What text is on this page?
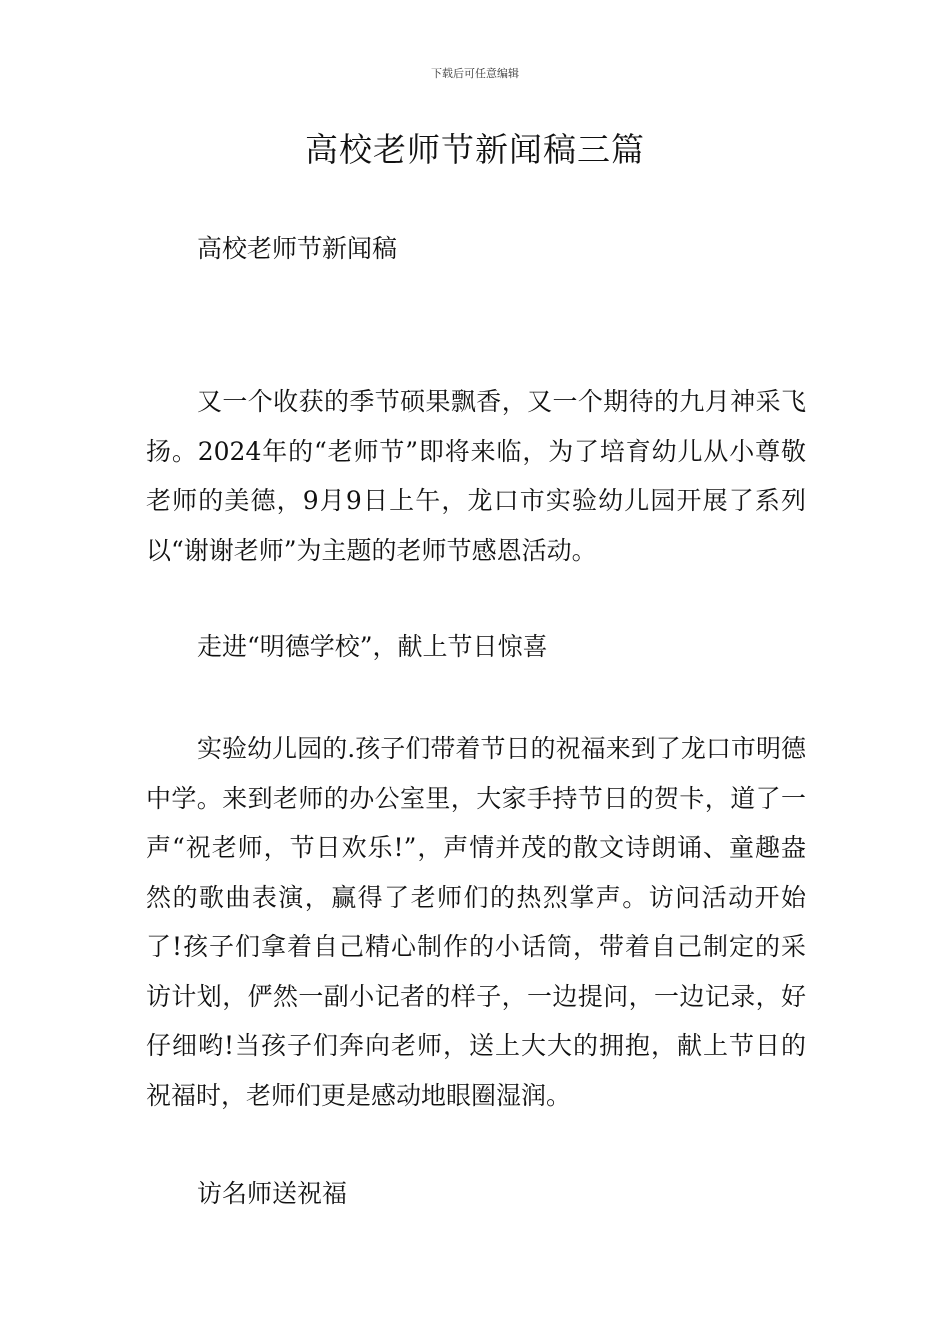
下载后可任意编辑
高校老师节新闻稿三篇
高校老师节新闻稿

又一个收获的季节硕果飘香，又一个期待的九月神采飞扬。2024年的“老师节”即将来临，为了培育幼儿从小尊敬老师的美德，9月9日上午，龙口市实验幼儿园开展了系列以“谢谢老师”为主题的老师节感恩活动。

走进“明德学校”，献上节日惊喜

实验幼儿园的.孩子们带着节日的祝福来到了龙口市明德中学。来到老师的办公室里，大家手持节日的贺卡，道了一声“祝老师，节日欢乐!”，声情并茂的散文诗朗诵、童趣盎然的歌曲表演，赢得了老师们的热烈掌声。访问活动开始了!孩子们拿着自己精心制作的小话筒，带着自己制定的采访计划，俨然一副小记者的样子，一边提问，一边记录，好仔细哟!当孩子们奔向老师，送上大大的拥抱，献上节日的祝福时，老师们更是感动地眼圈湿润。

访名师送祝福
